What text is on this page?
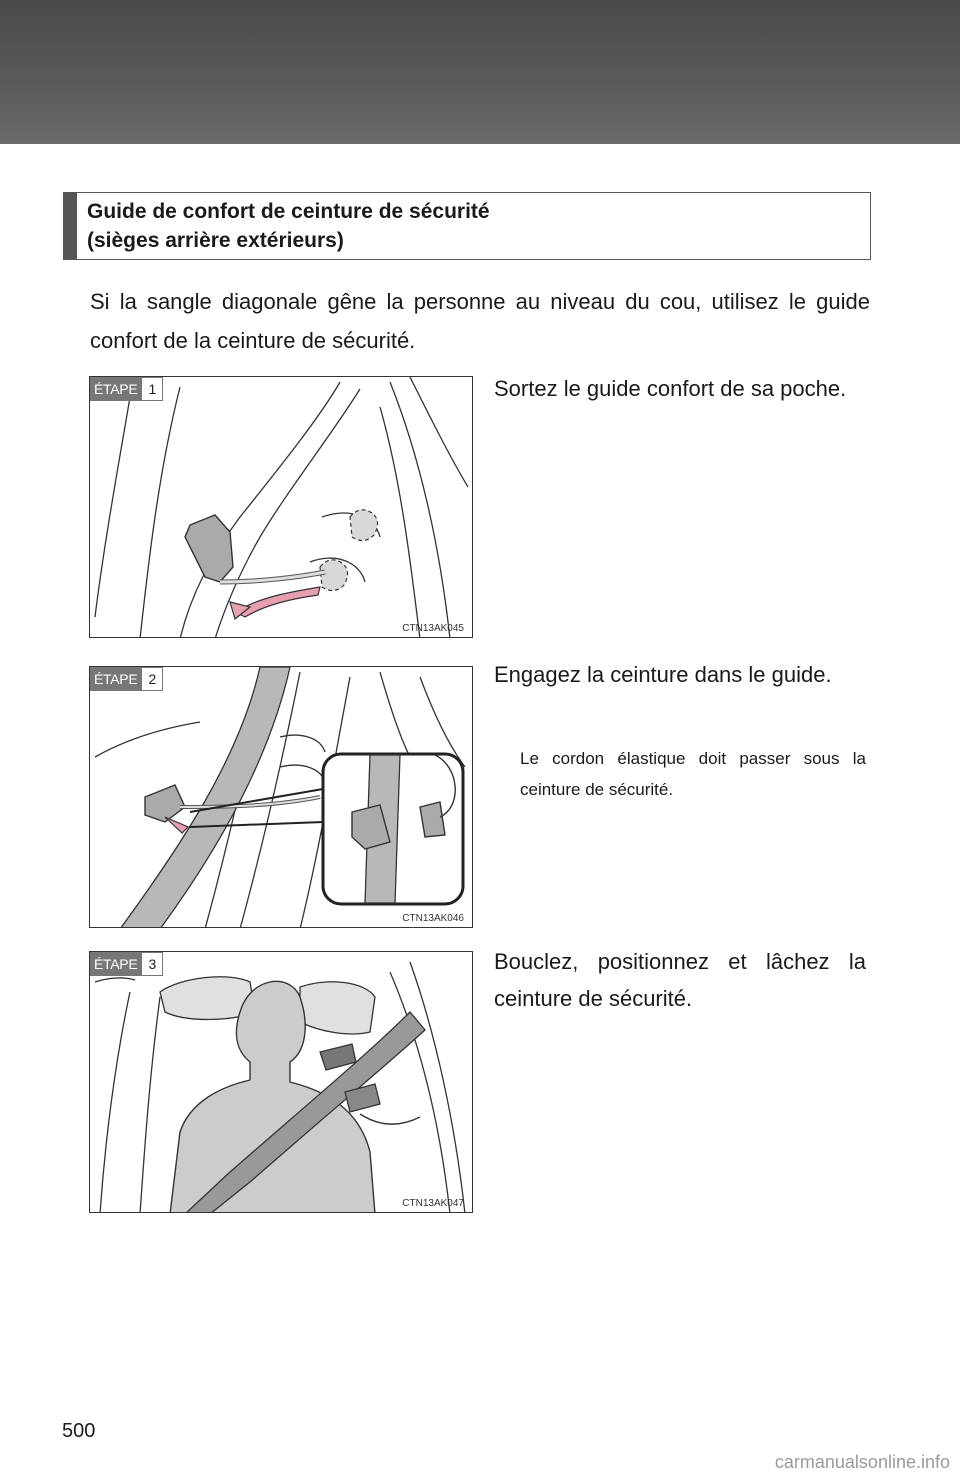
Guide de confort de ceinture de sécurité
(sièges arrière extérieurs)
Si la sangle diagonale gêne la personne au niveau du cou, utilisez le guide confort de la ceinture de sécurité.
ÉTAPE 1
CTN13AK045
Sortez le guide confort de sa poche.
ÉTAPE 2
CTN13AK046
Engagez la ceinture dans le guide.
Le cordon élastique doit passer sous la ceinture de sécurité.
ÉTAPE 3
CTN13AK047
Bouclez, positionnez et lâchez la ceinture de sécurité.
500
carmanualsonline.info
